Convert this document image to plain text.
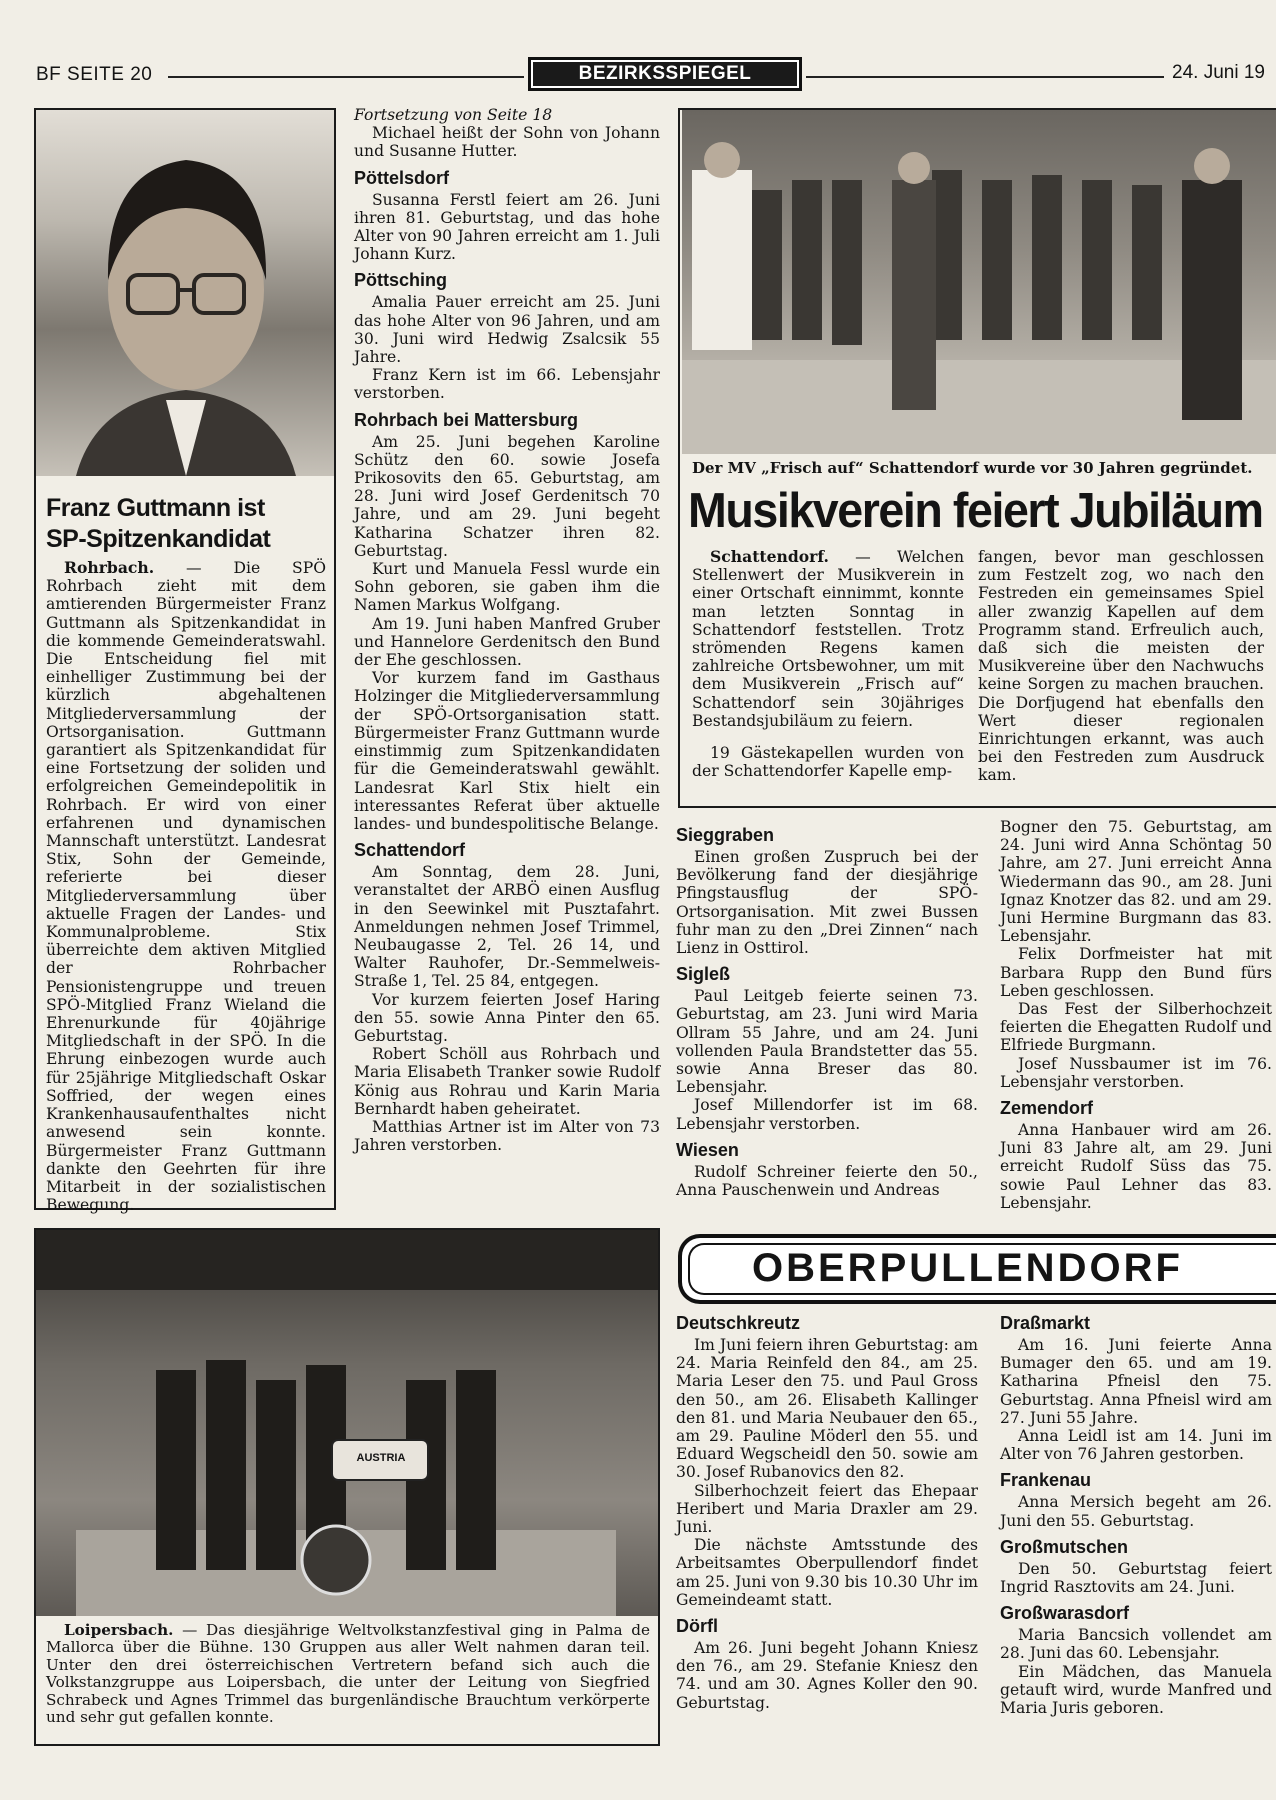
BF SEITE 20	BEZIRKSSPIEGEL	24. Juni 19
Franz Guttmann ist
SP-Spitzenkandidat

Rohrbach. — Die SPÖ Rohrbach zieht mit dem amtierenden Bürgermeister Franz Guttmann als Spitzenkandidat in die kommende Gemeinderatswahl. Die Entscheidung fiel mit einhelliger Zustimmung bei der kürzlich abgehaltenen Mitgliederversammlung der Ortsorganisation. Guttmann garantiert als Spitzenkandidat für eine Fortsetzung der soliden und erfolgreichen Gemeindepolitik in Rohrbach. Er wird von einer erfahrenen und dynamischen Mannschaft unterstützt. Landesrat Stix, Sohn der Gemeinde, referierte bei dieser Mitgliederversammlung über aktuelle Fragen der Landes- und Kommunalprobleme. Stix überreichte dem aktiven Mitglied der Rohrbacher Pensionistengruppe und treuen SPÖ-Mitglied Franz Wieland die Ehrenurkunde für 40jährige Mitgliedschaft in der SPÖ. In die Ehrung einbezogen wurde auch für 25jährige Mitgliedschaft Oskar Soffried, der wegen eines Krankenhausaufenthaltes nicht anwesend sein konnte. Bürgermeister Franz Guttmann dankte den Geehrten für ihre Mitarbeit in der sozialistischen Bewegung.

Fortsetzung von Seite 18

Michael heißt der Sohn von Johann und Susanne Hutter.

Pöttelsdorf

Susanna Ferstl feiert am 26. Juni ihren 81. Geburtstag, und das hohe Alter von 90 Jahren erreicht am 1. Juli Johann Kurz.

Pöttsching

Amalia Pauer erreicht am 25. Juni das hohe Alter von 96 Jahren, und am 30. Juni wird Hedwig Zsalcsik 55 Jahre.

Franz Kern ist im 66. Lebensjahr verstorben.

Rohrbach bei Mattersburg

Am 25. Juni begehen Karoline Schütz den 60. sowie Josefa Prikosovits den 65. Geburtstag, am 28. Juni wird Josef Gerdenitsch 70 Jahre, und am 29. Juni begeht Katharina Schatzer ihren 82. Geburtstag.

Kurt und Manuela Fessl wurde ein Sohn geboren, sie gaben ihm die Namen Markus Wolfgang.

Am 19. Juni haben Manfred Gruber und Hannelore Gerdenitsch den Bund der Ehe geschlossen.

Vor kurzem fand im Gasthaus Holzinger die Mitgliederversammlung der SPÖ-Ortsorganisation statt. Bürgermeister Franz Guttmann wurde einstimmig zum Spitzenkandidaten für die Gemeinderatswahl gewählt. Landesrat Karl Stix hielt ein interessantes Referat über aktuelle landes- und bundespolitische Belange.

Schattendorf

Am Sonntag, dem 28. Juni, veranstaltet der ARBÖ einen Ausflug in den Seewinkel mit Pusztafahrt. Anmeldungen nehmen Josef Trimmel, Neubaugasse 2, Tel. 26 14, und Walter Rauhofer, Dr.-Semmelweis-Straße 1, Tel. 25 84, entgegen.

Vor kurzem feierten Josef Haring den 55. sowie Anna Pinter den 65. Geburtstag.

Robert Schöll aus Rohrbach und Maria Elisabeth Tranker sowie Rudolf König aus Rohrau und Karin Maria Bernhardt haben geheiratet.

Matthias Artner ist im Alter von 73 Jahren verstorben.

Der MV „Frisch auf“ Schattendorf wurde vor 30 Jahren gegründet.
Musikverein feiert Jubiläum

Schattendorf. — Welchen Stellenwert der Musikverein in einer Ortschaft einnimmt, konnte man letzten Sonntag in Schattendorf feststellen. Trotz strömenden Regens kamen zahlreiche Ortsbewohner, um mit dem Musikverein „Frisch auf“ Schattendorf sein 30jähriges Bestandsjubiläum zu feiern.

19 Gästekapellen wurden von der Schattendorfer Kapelle emp-

fangen, bevor man geschlossen zum Festzelt zog, wo nach den Festreden ein gemeinsames Spiel aller zwanzig Kapellen auf dem Programm stand. Erfreulich auch, daß sich die meisten der Musikvereine über den Nachwuchs keine Sorgen zu machen brauchen. Die Dorfjugend hat ebenfalls den Wert dieser regionalen Einrichtungen erkannt, was auch bei den Festreden zum Ausdruck kam.

Sieggraben

Einen großen Zuspruch bei der Bevölkerung fand der diesjährige Pfingstausflug der SPÖ-Ortsorganisation. Mit zwei Bussen fuhr man zu den „Drei Zinnen“ nach Lienz in Osttirol.

Sigleß

Paul Leitgeb feierte seinen 73. Geburtstag, am 23. Juni wird Maria Ollram 55 Jahre, und am 24. Juni vollenden Paula Brandstetter das 55. sowie Anna Breser das 80. Lebensjahr.

Josef Millendorfer ist im 68. Lebensjahr verstorben.

Wiesen

Rudolf Schreiner feierte den 50., Anna Pauschenwein und Andreas

Bogner den 75. Geburtstag, am 24. Juni wird Anna Schöntag 50 Jahre, am 27. Juni erreicht Anna Wiedermann das 90., am 28. Juni Ignaz Knotzer das 82. und am 29. Juni Hermine Burgmann das 83. Lebensjahr.

Felix Dorfmeister hat mit Barbara Rupp den Bund fürs Leben geschlossen.

Das Fest der Silberhochzeit feierten die Ehegatten Rudolf und Elfriede Burgmann.

Josef Nussbaumer ist im 76. Lebensjahr verstorben.

Zemendorf

Anna Hanbauer wird am 26. Juni 83 Jahre alt, am 29. Juni erreicht Rudolf Süss das 75. sowie Paul Lehner das 83. Lebensjahr.

AUSTRIA

Loipersbach. — Das diesjährige Weltvolkstanzfestival ging in Palma de Mallorca über die Bühne. 130 Gruppen aus aller Welt nahmen daran teil. Unter den drei österreichischen Vertretern befand sich auch die Volkstanzgruppe aus Loipersbach, die unter der Leitung von Siegfried Schrabeck und Agnes Trimmel das burgenländische Brauchtum verkörperte und sehr gut gefallen konnte.

OBERPULLENDORF
Deutschkreutz

Im Juni feiern ihren Geburtstag: am 24. Maria Reinfeld den 84., am 25. Maria Leser den 75. und Paul Gross den 50., am 26. Elisabeth Kallinger den 81. und Maria Neubauer den 65., am 29. Pauline Möderl den 55. und Eduard Wegscheidl den 50. sowie am 30. Josef Rubanovics den 82.

Silberhochzeit feiert das Ehepaar Heribert und Maria Draxler am 29. Juni.

Die nächste Amtsstunde des Arbeitsamtes Oberpullendorf findet am 25. Juni von 9.30 bis 10.30 Uhr im Gemeindeamt statt.

Dörfl

Am 26. Juni begeht Johann Kniesz den 76., am 29. Stefanie Kniesz den 74. und am 30. Agnes Koller den 90. Geburtstag.

Draßmarkt

Am 16. Juni feierte Anna Bumager den 65. und am 19. Katharina Pfneisl den 75. Geburtstag. Anna Pfneisl wird am 27. Juni 55 Jahre.

Anna Leidl ist am 14. Juni im Alter von 76 Jahren gestorben.

Frankenau

Anna Mersich begeht am 26. Juni den 55. Geburtstag.

Großmutschen

Den 50. Geburtstag feiert Ingrid Rasztovits am 24. Juni.

Großwarasdorf

Maria Bancsich vollendet am 28. Juni das 60. Lebensjahr.

Ein Mädchen, das Manuela getauft wird, wurde Manfred und Maria Juris geboren.
